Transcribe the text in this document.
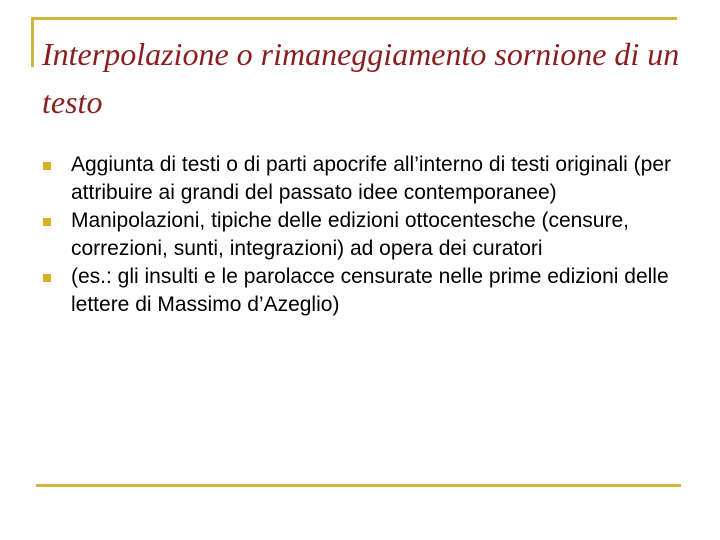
Interpolazione o rimaneggiamento sornione di un testo
Aggiunta di testi o di parti apocrife all’interno di testi originali (per attribuire ai grandi del passato idee contemporanee)
Manipolazioni, tipiche delle edizioni ottocentesche (censure, correzioni, sunti, integrazioni) ad opera dei curatori
(es.: gli insulti e le parolacce censurate nelle prime edizioni delle lettere di Massimo d’Azeglio)
